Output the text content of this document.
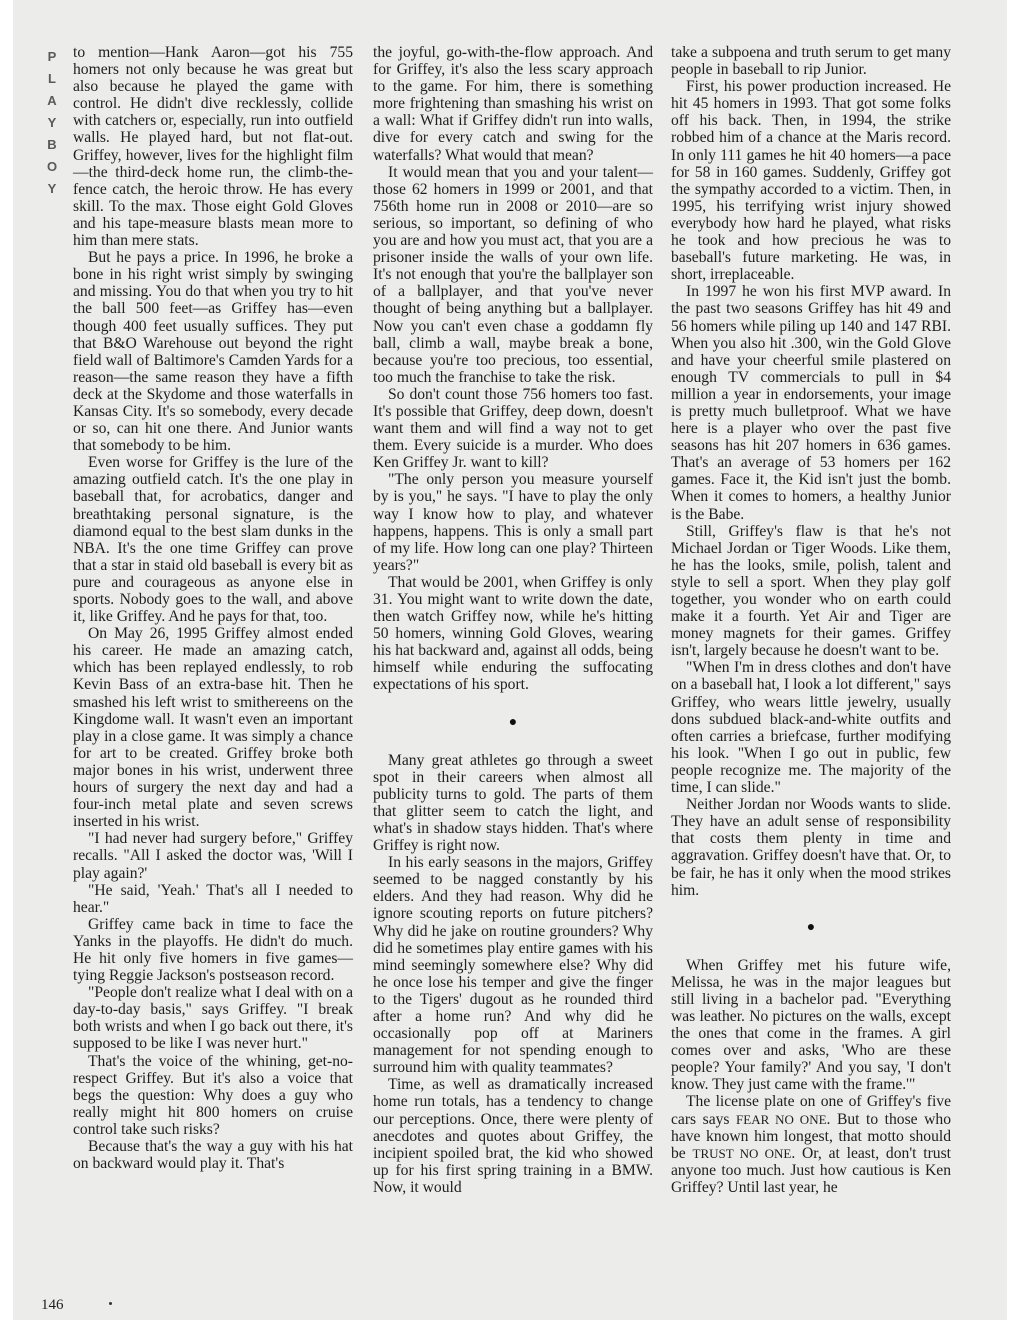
P
L
A
Y
B
O
Y

to mention—Hank Aaron—got his 755 homers not only because he was great but also because he played the game with control. He didn't dive recklessly, collide with catchers or, especially, run into outfield walls. He played hard, but not flat-out. Griffey, however, lives for the highlight film—the third-deck home run, the climb-the-fence catch, the heroic throw. He has every skill. To the max. Those eight Gold Gloves and his tape-measure blasts mean more to him than mere stats.

But he pays a price. In 1996, he broke a bone in his right wrist simply by swinging and missing. You do that when you try to hit the ball 500 feet—as Griffey has—even though 400 feet usually suffices. They put that B&O Warehouse out beyond the right field wall of Baltimore's Camden Yards for a reason—the same reason they have a fifth deck at the Skydome and those waterfalls in Kansas City. It's so somebody, every decade or so, can hit one there. And Junior wants that somebody to be him.

Even worse for Griffey is the lure of the amazing outfield catch. It's the one play in baseball that, for acrobatics, danger and breathtaking personal signature, is the diamond equal to the best slam dunks in the NBA. It's the one time Griffey can prove that a star in staid old baseball is every bit as pure and courageous as anyone else in sports. Nobody goes to the wall, and above it, like Griffey. And he pays for that, too.

On May 26, 1995 Griffey almost ended his career. He made an amazing catch, which has been replayed endlessly, to rob Kevin Bass of an extra-base hit. Then he smashed his left wrist to smithereens on the Kingdome wall. It wasn't even an important play in a close game. It was simply a chance for art to be created. Griffey broke both major bones in his wrist, underwent three hours of surgery the next day and had a four-inch metal plate and seven screws inserted in his wrist.

"I had never had surgery before," Griffey recalls. "All I asked the doctor was, 'Will I play again?'

"He said, 'Yeah.' That's all I needed to hear."

Griffey came back in time to face the Yanks in the playoffs. He didn't do much. He hit only five homers in five games—tying Reggie Jackson's postseason record.

"People don't realize what I deal with on a day-to-day basis," says Griffey. "I break both wrists and when I go back out there, it's supposed to be like I was never hurt."

That's the voice of the whining, get-no-respect Griffey. But it's also a voice that begs the question: Why does a guy who really might hit 800 homers on cruise control take such risks?

Because that's the way a guy with his hat on backward would play it. That's

the joyful, go-with-the-flow approach. And for Griffey, it's also the less scary approach to the game. For him, there is something more frightening than smashing his wrist on a wall: What if Griffey didn't run into walls, dive for every catch and swing for the waterfalls? What would that mean?

It would mean that you and your talent—those 62 homers in 1999 or 2001, and that 756th home run in 2008 or 2010—are so serious, so important, so defining of who you are and how you must act, that you are a prisoner inside the walls of your own life. It's not enough that you're the ballplayer son of a ballplayer, and that you've never thought of being anything but a ballplayer. Now you can't even chase a goddamn fly ball, climb a wall, maybe break a bone, because you're too precious, too essential, too much the franchise to take the risk.

So don't count those 756 homers too fast. It's possible that Griffey, deep down, doesn't want them and will find a way not to get them. Every suicide is a murder. Who does Ken Griffey Jr. want to kill?

"The only person you measure yourself by is you," he says. "I have to play the only way I know how to play, and whatever happens, happens. This is only a small part of my life. How long can one play? Thirteen years?"

That would be 2001, when Griffey is only 31. You might want to write down the date, then watch Griffey now, while he's hitting 50 homers, winning Gold Gloves, wearing his hat backward and, against all odds, being himself while enduring the suffocating expectations of his sport.

●

Many great athletes go through a sweet spot in their careers when almost all publicity turns to gold. The parts of them that glitter seem to catch the light, and what's in shadow stays hidden. That's where Griffey is right now.

In his early seasons in the majors, Griffey seemed to be nagged constantly by his elders. And they had reason. Why did he ignore scouting reports on future pitchers? Why did he jake on routine grounders? Why did he sometimes play entire games with his mind seemingly somewhere else? Why did he once lose his temper and give the finger to the Tigers' dugout as he rounded third after a home run? And why did he occasionally pop off at Mariners management for not spending enough to surround him with quality teammates?

Time, as well as dramatically increased home run totals, has a tendency to change our perceptions. Once, there were plenty of anecdotes and quotes about Griffey, the incipient spoiled brat, the kid who showed up for his first spring training in a BMW. Now, it would

take a subpoena and truth serum to get many people in baseball to rip Junior.

First, his power production increased. He hit 45 homers in 1993. That got some folks off his back. Then, in 1994, the strike robbed him of a chance at the Maris record. In only 111 games he hit 40 homers—a pace for 58 in 160 games. Suddenly, Griffey got the sympathy accorded to a victim. Then, in 1995, his terrifying wrist injury showed everybody how hard he played, what risks he took and how precious he was to baseball's future marketing. He was, in short, irreplaceable.

In 1997 he won his first MVP award. In the past two seasons Griffey has hit 49 and 56 homers while piling up 140 and 147 RBI. When you also hit .300, win the Gold Glove and have your cheerful smile plastered on enough TV commercials to pull in $4 million a year in endorsements, your image is pretty much bulletproof. What we have here is a player who over the past five seasons has hit 207 homers in 636 games. That's an average of 53 homers per 162 games. Face it, the Kid isn't just the bomb. When it comes to homers, a healthy Junior is the Babe.

Still, Griffey's flaw is that he's not Michael Jordan or Tiger Woods. Like them, he has the looks, smile, polish, talent and style to sell a sport. When they play golf together, you wonder who on earth could make it a fourth. Yet Air and Tiger are money magnets for their games. Griffey isn't, largely because he doesn't want to be.

"When I'm in dress clothes and don't have on a baseball hat, I look a lot different," says Griffey, who wears little jewelry, usually dons subdued black-and-white outfits and often carries a briefcase, further modifying his look. "When I go out in public, few people recognize me. The majority of the time, I can slide."

Neither Jordan nor Woods wants to slide. They have an adult sense of responsibility that costs them plenty in time and aggravation. Griffey doesn't have that. Or, to be fair, he has it only when the mood strikes him.

●

When Griffey met his future wife, Melissa, he was in the major leagues but still living in a bachelor pad. "Everything was leather. No pictures on the walls, except the ones that come in the frames. A girl comes over and asks, 'Who are these people? Your family?' And you say, 'I don't know. They just came with the frame.'"

The license plate on one of Griffey's five cars says FEAR NO ONE. But to those who have known him longest, that motto should be TRUST NO ONE. Or, at least, don't trust anyone too much. Just how cautious is Ken Griffey? Until last year, he

146
